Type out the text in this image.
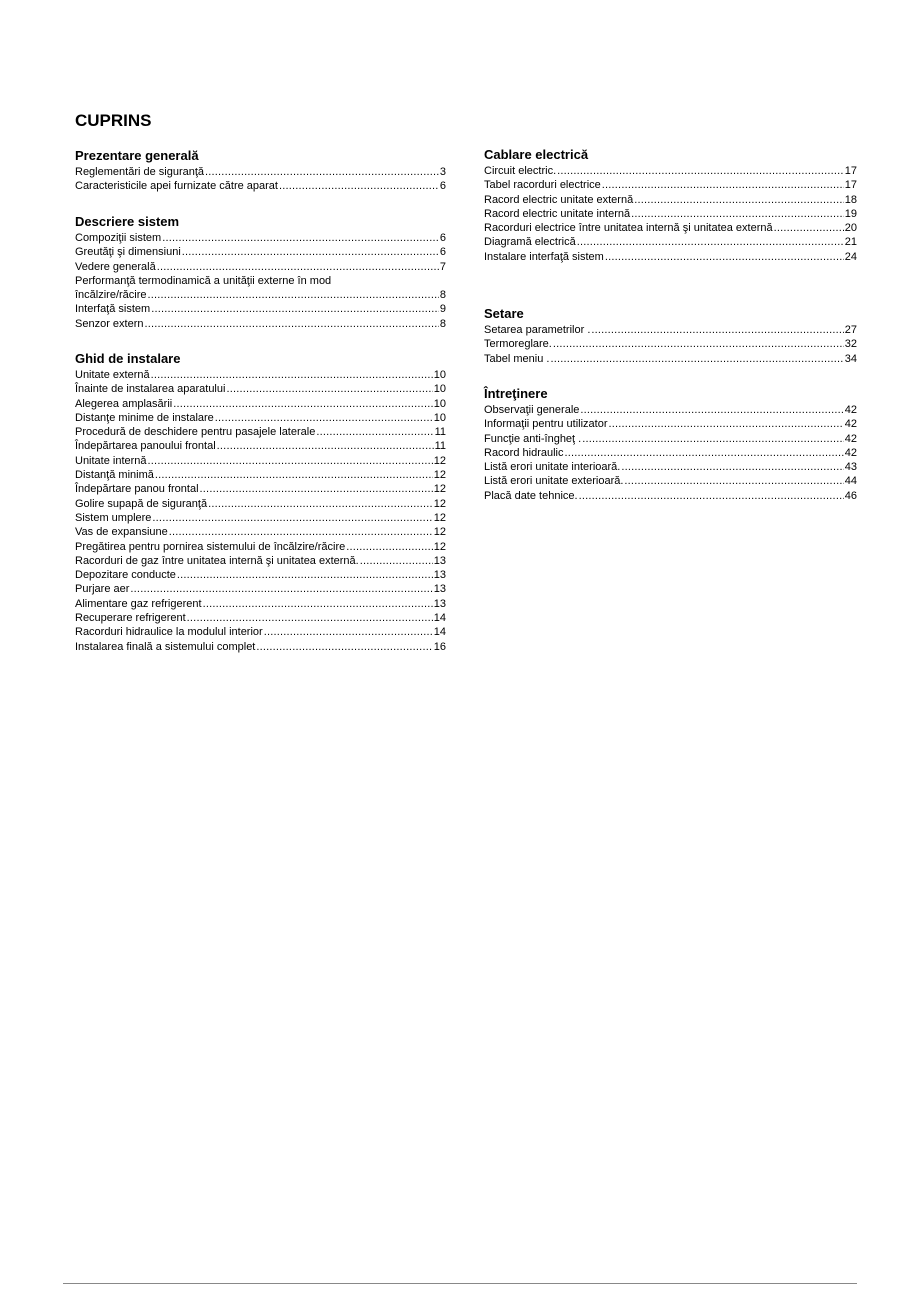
CUPRINS
Prezentare generală
Reglementări de siguranţă .....	3
Caracteristicile apei furnizate către aparat .....	6
Descriere sistem
Compoziţii sistem .....	6
Greutăţi şi dimensiuni .....	6
Vedere generală .....	7
Performanţă termodinamică a unităţii externe în mod
încălzire/răcire .....	8
Interfaţă sistem .....	9
Senzor extern .....	8
Ghid de instalare
Unitate externă .....	10
Înainte de instalarea aparatului .....	10
Alegerea amplasării .....	10
Distanţe minime de instalare .....	10
Procedură de deschidere pentru pasajele laterale .....	11
Îndepărtarea panoului frontal .....	11
Unitate internă .....	12
Distanţă minimă .....	12
Îndepărtare panou frontal .....	12
Golire supapă de siguranţă .....	12
Sistem umplere .....	12
Vas de expansiune .....	12
Pregătirea pentru pornirea sistemului de încălzire/răcire .....	12
Racorduri de gaz între unitatea internă şi unitatea externă. .....	13
Depozitare conducte .....	13
Purjare aer .....	13
Alimentare gaz refrigerent .....	13
Recuperare refrigerent .....	14
Racorduri hidraulice la modulul interior .....	14
Instalarea finală a sistemului complet .....	16
Cablare electrică
Circuit electric. .....	17
Tabel racorduri electrice .....	17
Racord electric unitate externă .....	18
Racord electric unitate internă .....	19
Racorduri electrice între unitatea internă şi unitatea externă .....	20
Diagramă electrică .....	21
Instalare interfaţă sistem .....	24
Setare
Setarea parametrilor . .....	27
Termoreglare. .....	32
Tabel meniu . .....	34
Întreţinere
Observaţii generale .....	42
Informaţii pentru utilizator .....	42
Funcţie anti-îngheţ . .....	42
Racord hidraulic .....	42
Listă erori unitate interioară. .....	43
Listă erori unitate exterioară. .....	44
Placă date tehnice. .....	46
